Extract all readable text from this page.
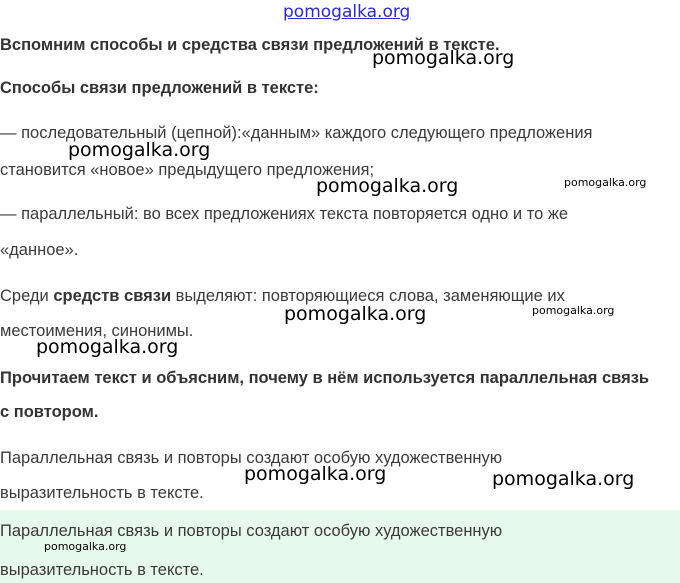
pomogalka.org
Вспомним способы и средства связи предложений в тексте.
Способы связи предложений в тексте:
— последовательный (цепной):«данным» каждого следующего предложения
становится «новое» предыдущего предложения;
— параллельный: во всех предложениях текста повторяется одно и то же
«данное».
Среди средств связи выделяют: повторяющиеся слова, заменяющие их
местоимения, синонимы.
Прочитаем текст и объясним, почему в нём используется параллельная связь
с повтором.
Параллельная связь и повторы создают особую художественную
выразительность в тексте.
Параллельная связь и повторы создают особую художественную
выразительность в тексте.
pomogalka.org
pomogalka.org
pomogalka.org	pomogalka.org
pomogalka.org	pomogalka.org
pomogalka.org
pomogalka.org	pomogalka.org
pomogalka.org
